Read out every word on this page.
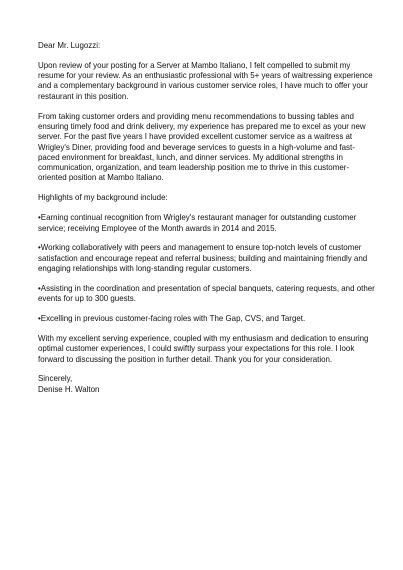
Dear Mr. Lugozzi:

Upon review of your posting for a Server at Mambo Italiano, I felt compelled to submit my resume for your review. As an enthusiastic professional with 5+ years of waitressing experience and a complementary background in various customer service roles, I have much to offer your restaurant in this position.

From taking customer orders and providing menu recommendations to bussing tables and ensuring timely food and drink delivery, my experience has prepared me to excel as your new server. For the past five years I have provided excellent customer service as a waitress at Wrigley's Diner, providing food and beverage services to guests in a high-volume and fast-paced environment for breakfast, lunch, and dinner services. My additional strengths in communication, organization, and team leadership position me to thrive in this customer-oriented position at Mambo Italiano.

Highlights of my background include:

•Earning continual recognition from Wrigley's restaurant manager for outstanding customer service; receiving Employee of the Month awards in 2014 and 2015.

•Working collaboratively with peers and management to ensure top-notch levels of customer satisfaction and encourage repeat and referral business; building and maintaining friendly and engaging relationships with long-standing regular customers.

•Assisting in the coordination and presentation of special banquets, catering requests, and other events for up to 300 guests.

•Excelling in previous customer-facing roles with The Gap, CVS, and Target.

With my excellent serving experience, coupled with my enthusiasm and dedication to ensuring optimal customer experiences, I could swiftly surpass your expectations for this role. I look forward to discussing the position in further detail. Thank you for your consideration.

Sincerely,

Denise H. Walton
